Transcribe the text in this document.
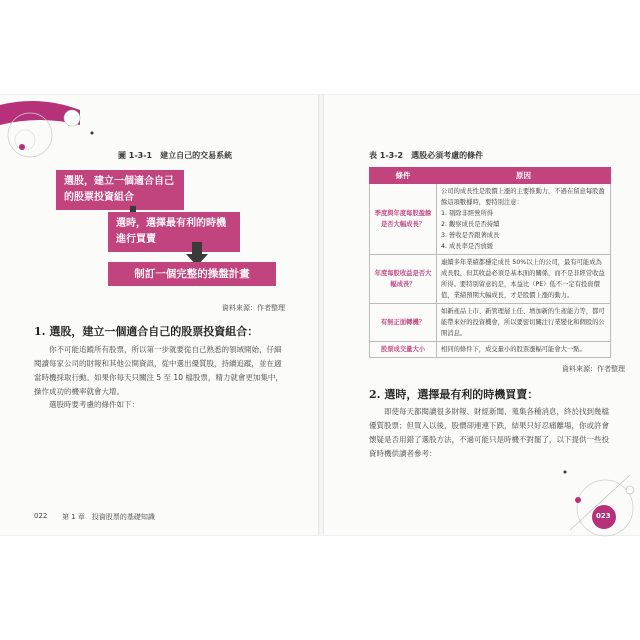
圖 1-3-1　建立自己的交易系統
選股，建立一個適合自己的股票投資組合
選時，選擇最有利的時機進行買賣
制訂一個完整的操盤計畫
資料來源：作者整理
1. 選股，建立一個適合自己的股票投資組合：
你不可能追蹤所有股票，所以第一步就要從自己熟悉的領域開始，仔細閱讀每家公司的財報和其他公開資訊，從中選出優質股，持續追蹤，並在適當時機採取行動。如果你每天只關注 5 至 10 檔股票，精力就會更加集中，操作成功的機率就會大增。
選股時要考慮的條件如下：
022 第 1 章　投資股票的基礎知識
表 1-3-2　選股必須考慮的條件
條件	原因
季度與年度每股盈餘是否大幅成長？	公司的成長性是股價上漲的主要推動力，不過在留意每股盈餘這項數據時，要特別注意：
1. 剔除非經營所得
2. 觀察成長是否持續
3. 營收是否跟著成長
4. 成長率是否放緩

年度每股收益是否大幅成長？	連續多年業績都穩定成長 50%以上的公司，最有可能成為成長股，但其收益必須是基本面的關係，而不是非經常收益所得。要特別留意的是，本益比（PE）低不一定有投資價值，業績預期大幅成長，才是股價上漲的動力。
有無正面轉機？	如新產品上市、新管理層上任、增加新的生產能力等，都可能帶來好的投資機會，所以要密切關注行業變化和個股的公開消息。
股票成交量大小	相同的條件下，成交量小的股票漲幅可能會大一點。
資料來源：作者整理
2. 選時，選擇最有利的時機買賣：
即使每天都閱讀很多財報、財經新聞、蒐集各種消息，終於找到幾檔優質股票；但買入以後，股價卻連連下跌，結果只好忍痛離場，你或許會懷疑是否用錯了選股方法，不過可能只是時機不對罷了，以下提供一些投資時機供讀者參考：
023
